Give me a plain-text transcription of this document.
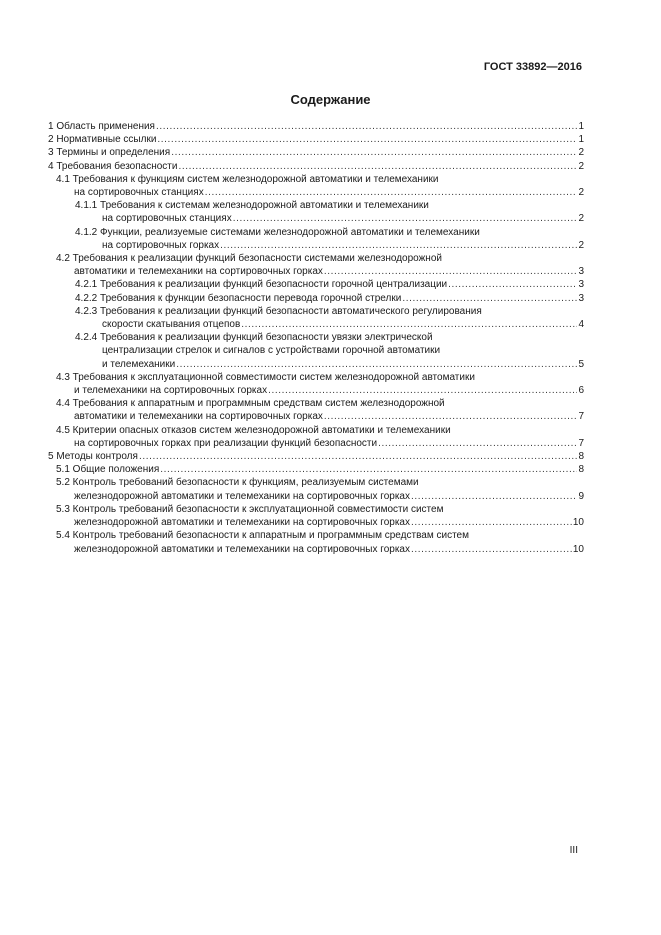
ГОСТ 33892—2016
Содержание
1 Область применения .....	1
2 Нормативные ссылки .....	1
3 Термины и определения .....	2
4 Требования безопасности .....	2
4.1 Требования к функциям систем железнодорожной автоматики и телемеханики
на сортировочных станциях .....	2
4.1.1 Требования к системам железнодорожной автоматики и телемеханики
на сортировочных станциях .....	2
4.1.2 Функции, реализуемые системами железнодорожной автоматики и телемеханики
на сортировочных горках .....	2
4.2 Требования к реализации функций безопасности системами железнодорожной
автоматики и телемеханики на сортировочных горках .....	3
4.2.1 Требования к реализации функций безопасности горочной централизации .....	3
4.2.2 Требования к функции безопасности перевода горочной стрелки .....	3
4.2.3 Требования к реализации функций безопасности автоматического регулирования
скорости скатывания отцепов .....	4
4.2.4 Требования к реализации функций безопасности увязки электрической
централизации стрелок и сигналов с устройствами горочной автоматики
и телемеханики .....	5
4.3 Требования к эксплуатационной совместимости систем железнодорожной автоматики
и телемеханики на сортировочных горках .....	6
4.4 Требования к аппаратным и программным средствам систем железнодорожной
автоматики и телемеханики на сортировочных горках .....	7
4.5 Критерии опасных отказов систем железнодорожной автоматики и телемеханики
на сортировочных горках при реализации функций безопасности .....	7
5 Методы контроля .....	8
5.1 Общие положения .....	8
5.2 Контроль требований безопасности к функциям, реализуемым системами
железнодорожной автоматики и телемеханики на сортировочных горках .....	9
5.3 Контроль требований безопасности к эксплуатационной совместимости систем
железнодорожной автоматики и телемеханики на сортировочных горках .....	10
5.4 Контроль требований безопасности к аппаратным и программным средствам систем
железнодорожной автоматики и телемеханики на сортировочных горках .....	10
III
